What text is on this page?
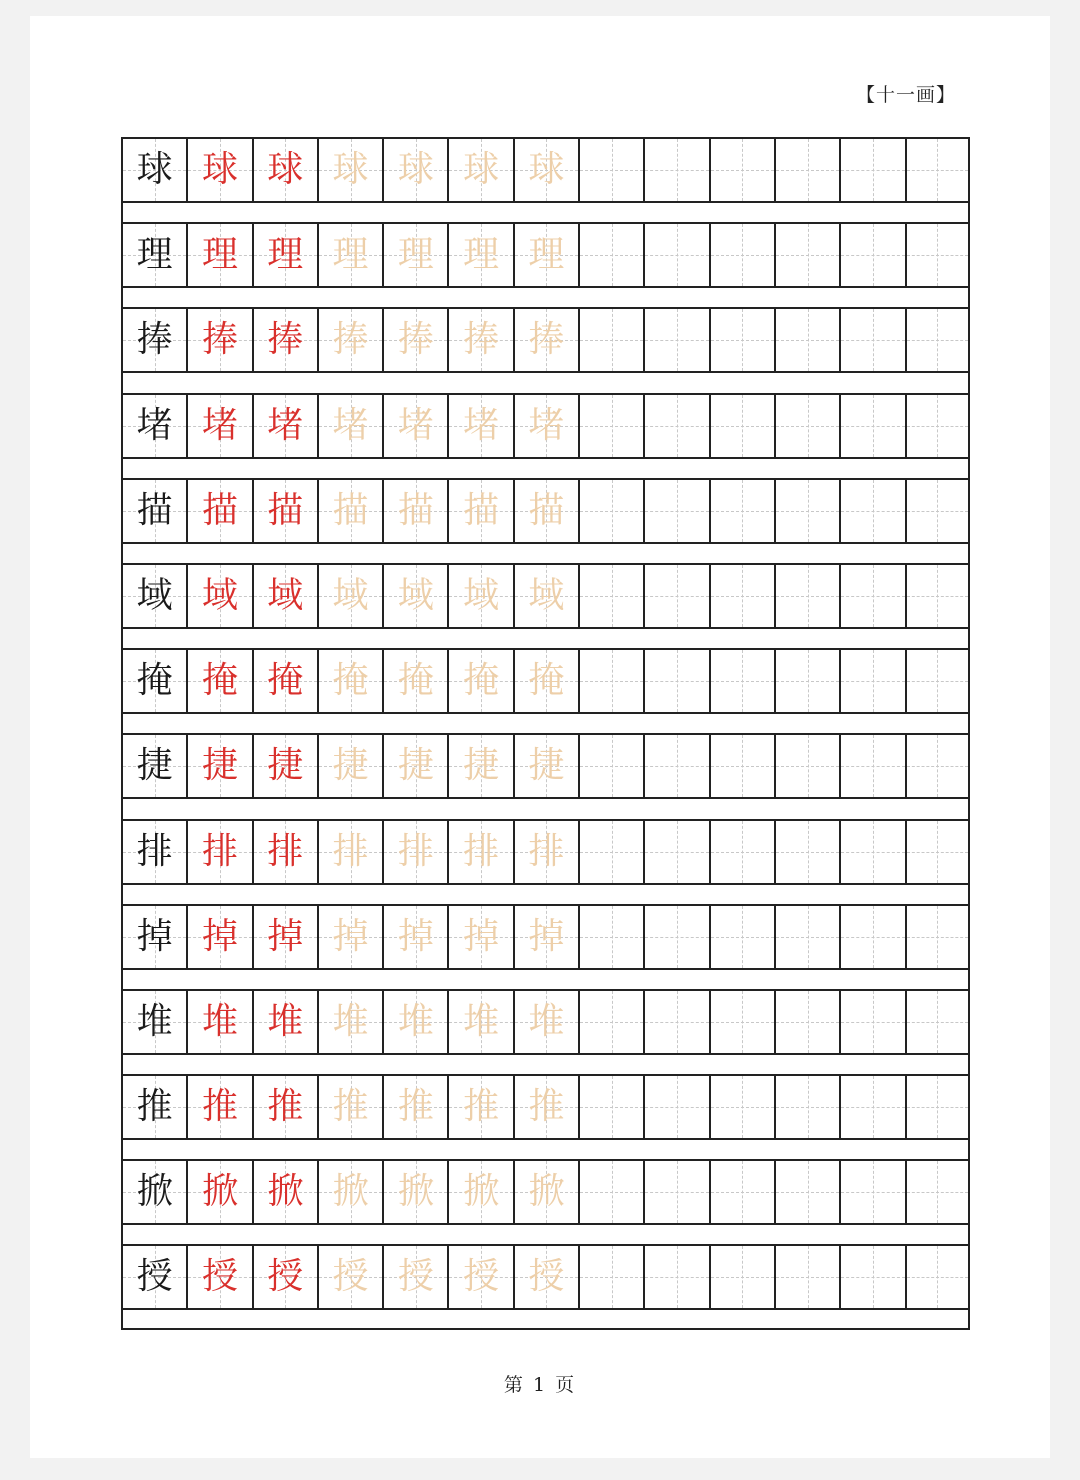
【十一画】
球 球 球 球 球 球 球
理 理 理 理 理 理 理
捧 捧 捧 捧 捧 捧 捧
堵 堵 堵 堵 堵 堵 堵
描 描 描 描 描 描 描
域 域 域 域 域 域 域
掩 掩 掩 掩 掩 掩 掩
捷 捷 捷 捷 捷 捷 捷
排 排 排 排 排 排 排
掉 掉 掉 掉 掉 掉 掉
堆 堆 堆 堆 堆 堆 堆
推 推 推 推 推 推 推
掀 掀 掀 掀 掀 掀 掀
授 授 授 授 授 授 授
第 1 页
